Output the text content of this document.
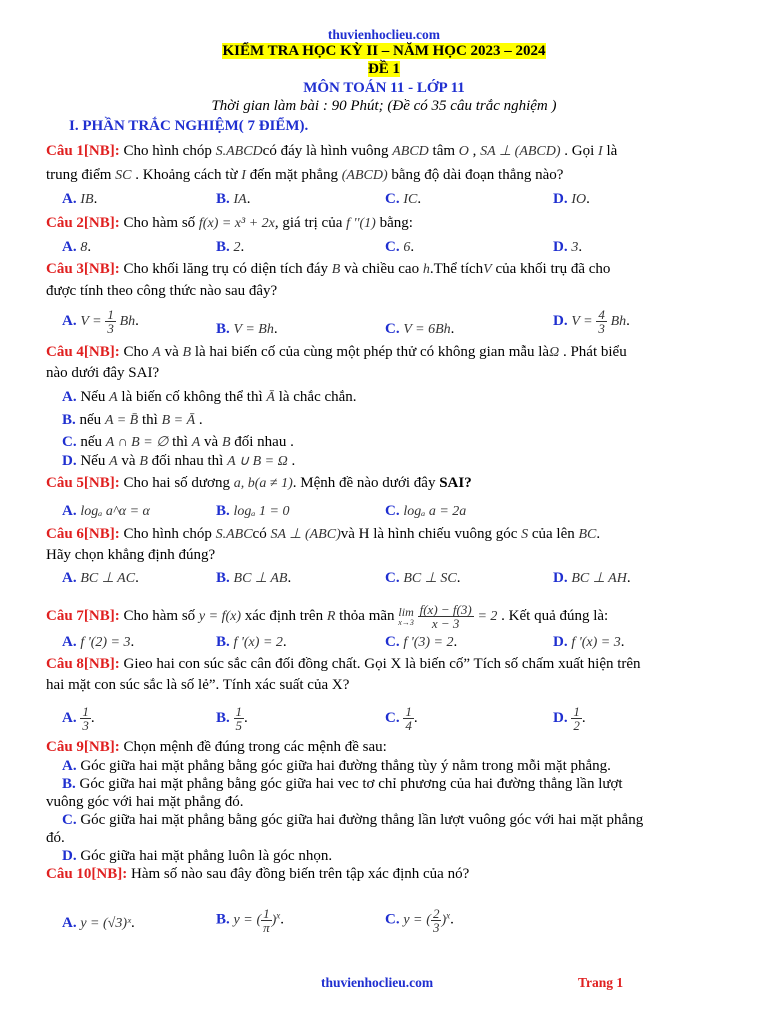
thuvienhoclieu.com
KIỂM TRA HỌC KỲ II – NĂM HỌC 2023 – 2024
ĐỀ 1
MÔN TOÁN 11 - LỚP 11
Thời gian làm bài : 90 Phút; (Đề có 35 câu trắc nghiệm )
I. PHẦN TRẮC NGHIỆM( 7 ĐIỂM).
Câu 1[NB]: Cho hình chóp S.ABCDcó đáy là hình vuông ABCD tâm O , SA ⊥ (ABCD) . Gọi I là
trung điểm SC . Khoảng cách từ I đến mặt phẳng (ABCD) bằng độ dài đoạn thẳng nào?
A. IB.	B. IA.	C. IC.	D. IO.
Câu 2[NB]: Cho hàm số f(x) = x³ + 2x, giá trị của f ''(1) bằng:
A. 8.	B. 2.	C. 6.	D. 3.
Câu 3[NB]: Cho khối lăng trụ có diện tích đáy B và chiều cao h.Thể tíchV của khối trụ đã cho
được tính theo công thức nào sau đây?
A. $V = \frac{1}{3} Bh$.	B. V = Bh.	C. V = 6Bh.	D. $V = \frac{4}{3} Bh$.
Câu 4[NB]: Cho A và B là hai biến cố của cùng một phép thử có không gian mẫu làΩ . Phát biểu
nào dưới đây SAI?
A. Nếu A là biến cố không thể thì Ā là chắc chắn.
B. nếu A = B̄ thì B = Ā .
C. nếu A ∩ B = ∅ thì A và B đối nhau .
D. Nếu A và B đối nhau thì A ∪ B = Ω .
Câu 5[NB]: Cho hai số dương a, b(a ≠ 1). Mệnh đề nào dưới đây SAI?
A. logₐ a^α = α	B. logₐ 1 = 0	C. logₐ a = 2a
Câu 6[NB]: Cho hình chóp S.ABCcó SA ⊥ (ABC)và H là hình chiếu vuông góc S của lên BC.
Hãy chọn khẳng định đúng?
A. BC ⊥ AC.	B. BC ⊥ AB.	C. BC ⊥ SC.	D. BC ⊥ AH.
Câu 7[NB]: Cho hàm số y = f(x) xác định trên R thỏa mãn lim
x→3
$\frac{f(x) - f(3)}{x - 3} = 2$ . Kết quả đúng là:
A. f '(2) = 3.	B. f '(x) = 2.	C. f '(3) = 2.	D. f '(x) = 3.
Câu 8[NB]: Gieo hai con súc sắc cân đối đồng chất. Gọi X là biến cố” Tích số chấm xuất hiện trên
hai mặt con súc sắc là số lẻ”. Tính xác suất của X?
A. $\frac{1}{3}$ .	B. $\frac{1}{5}$ .	C. $\frac{1}{4}$ .	D. $\frac{1}{2}$ .
Câu 9[NB]: Chọn mệnh đề đúng trong các mệnh đề sau:
A. Góc giữa hai mặt phẳng bằng góc giữa hai đường thẳng tùy ý nằm trong mỗi mặt phẳng.
B. Góc giữa hai mặt phẳng bằng góc giữa hai vec tơ chỉ phương của hai đường thẳng lần lượt
vuông góc với hai mặt phẳng đó.
C. Góc giữa hai mặt phẳng bằng góc giữa hai đường thẳng lần lượt vuông góc với hai mặt phẳng
đó.
D. Góc giữa hai mặt phẳng luôn là góc nhọn.
Câu 10[NB]: Hàm số nào sau đây đồng biến trên tập xác định của nó?
A. y = (√3)ˣ.	B. y = ( $\frac{1}{\pi} )^x$.	C. y = ( $\frac{2}{3} )^x$.
thuvienhoclieu.com	Trang 1
